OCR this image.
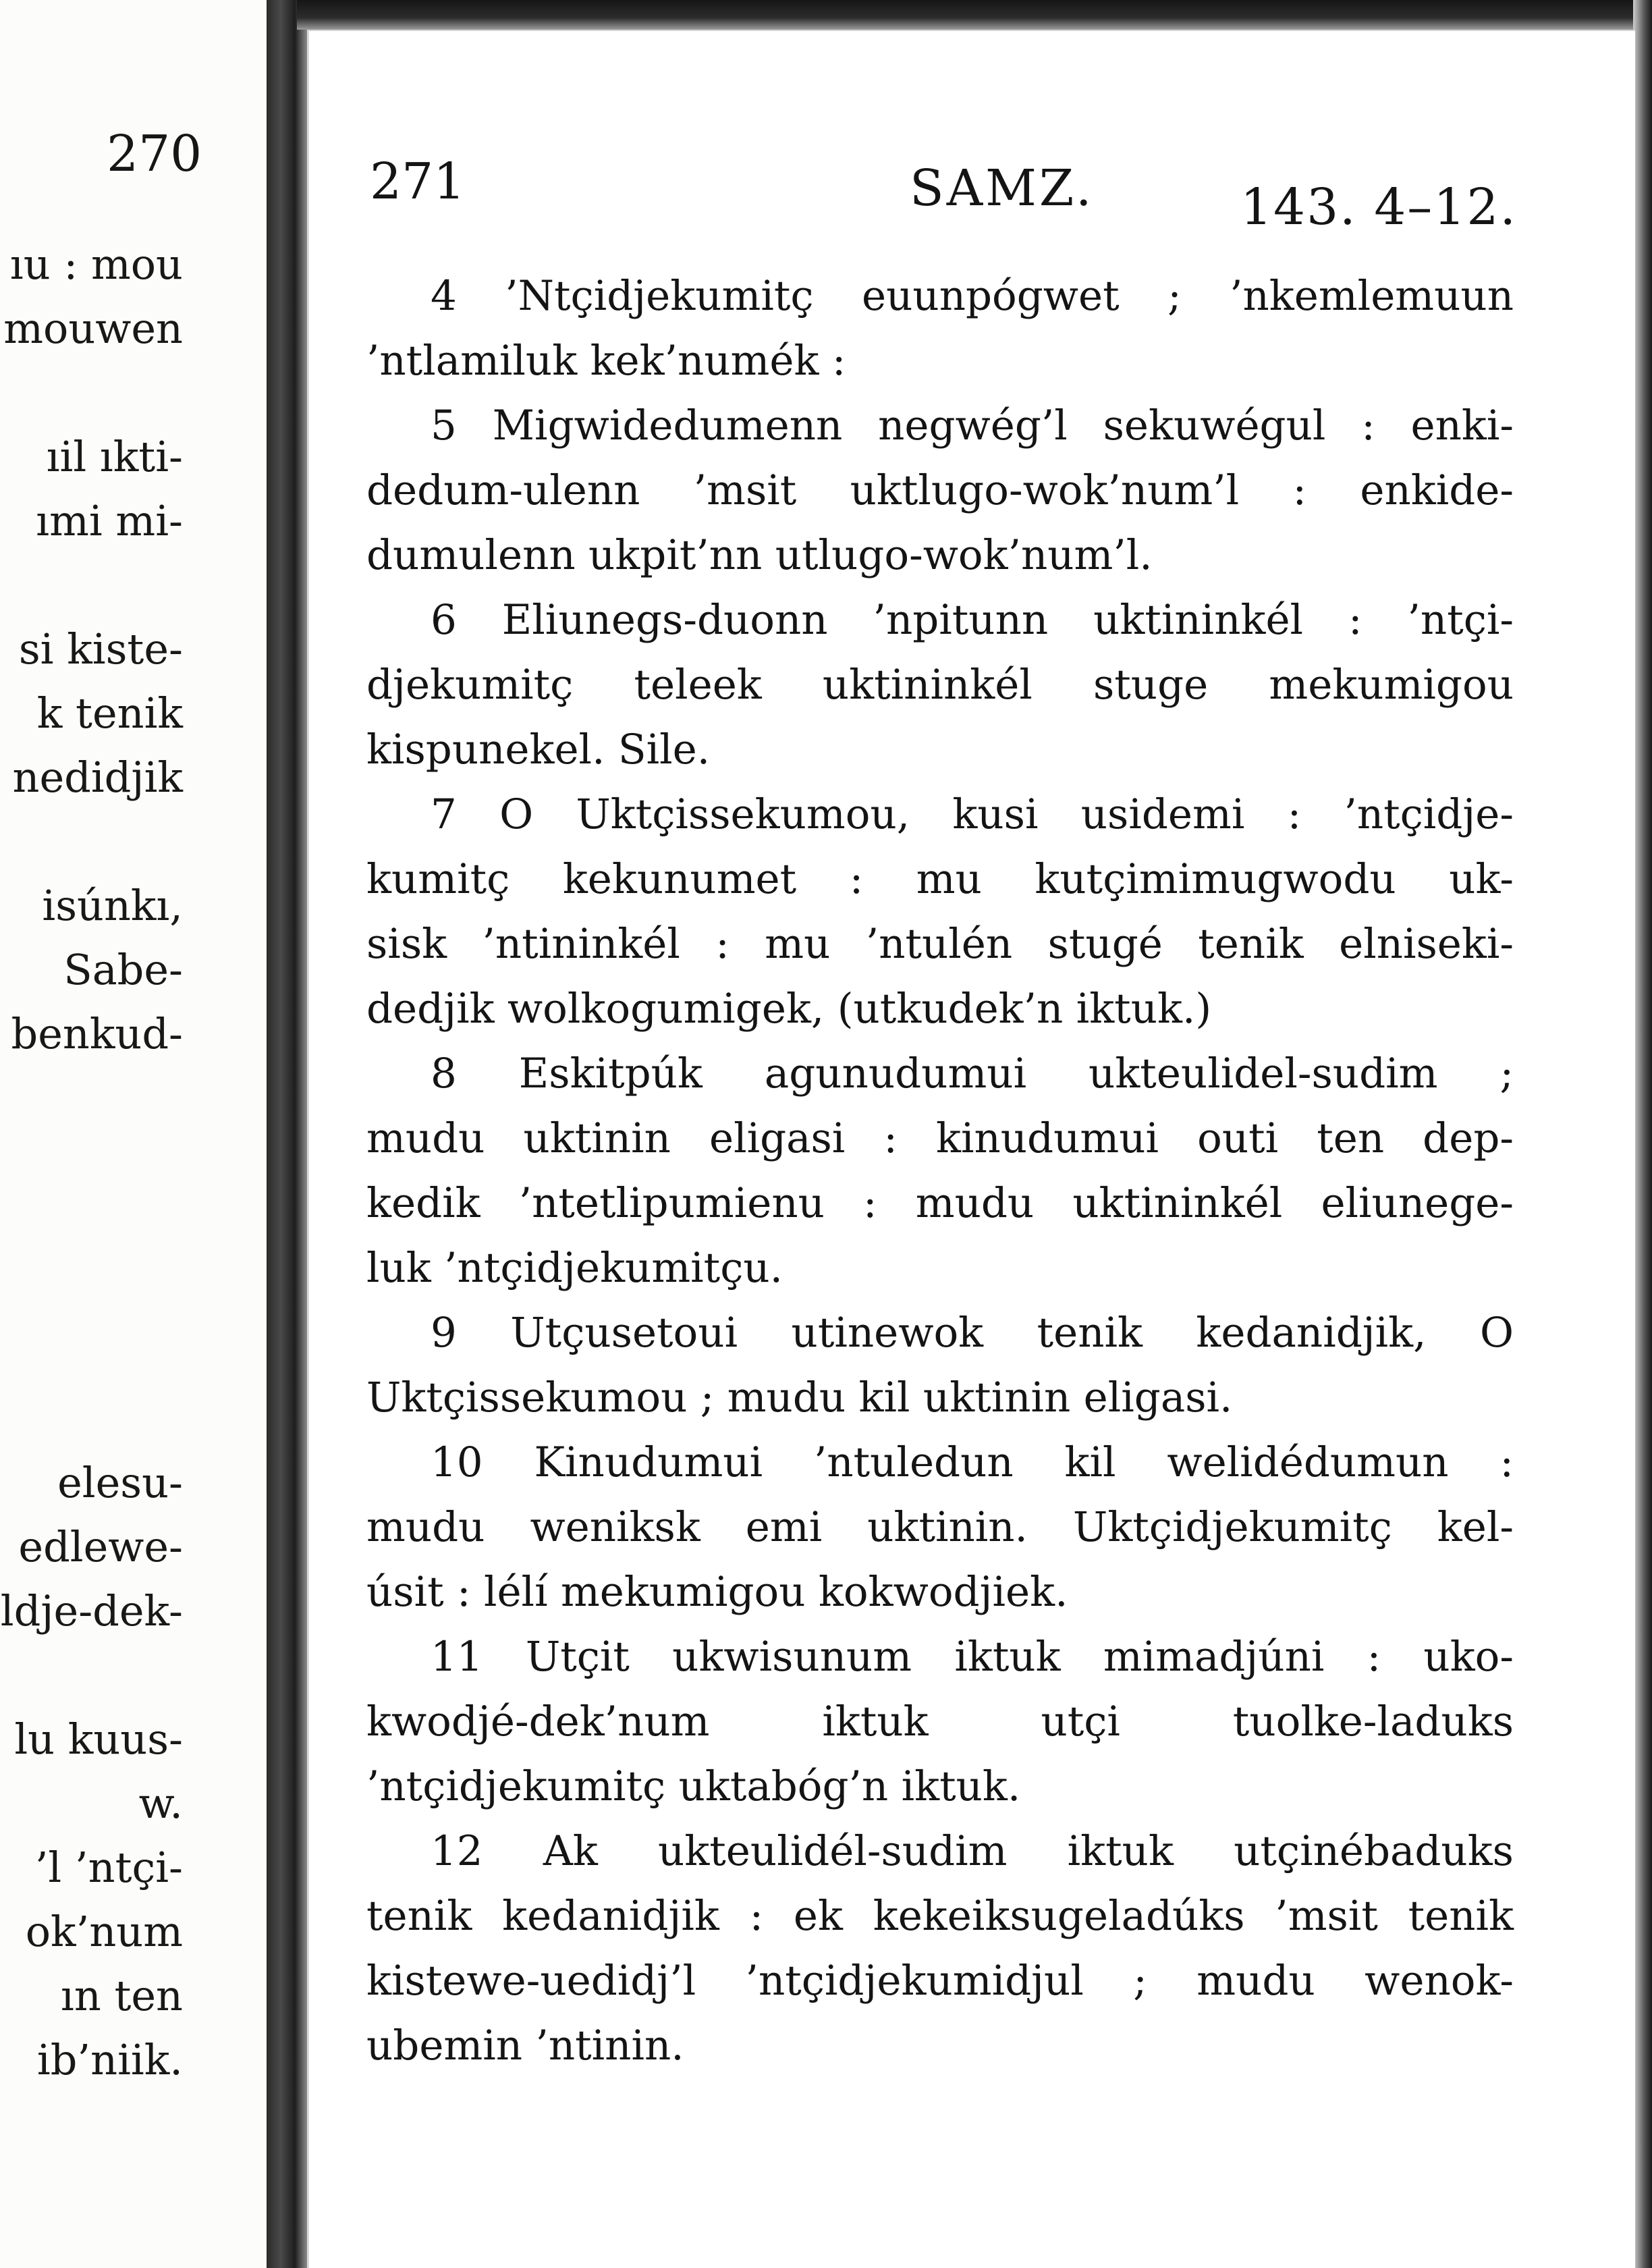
270
ıu : mou
mouwen
ıil ıkti-
ımi mi-
si kiste-
k tenik
nedidjik
isúnkı,
Sabe-
benkud-
elesu-
edlewe-
ldje-dek-
lu kuus-
w.
’l ’ntçi-
ok’num
ın ten
ib’niik.
271	SAMZ.	143. 4–12.
4 ’Ntçidjekumitç euunpógwet ; ’nkemlemuun
’ntlamiluk kek’numék :
5 Migwidedumenn negwég’l sekuwégul : enki-
dedum-ulenn ’msit uktlugo-wok’num’l : enkide-
dumulenn ukpit’nn utlugo-wok’num’l.
6 Eliunegs-duonn ’npitunn uktininkél : ’ntçi-
djekumitç teleek uktininkél stuge mekumigou
kispunekel. Sile.
7 O Uktçissekumou, kusi usidemi : ’ntçidje-
kumitç kekunumet : mu kutçimimugwodu uk-
sisk ’ntininkél : mu ’ntulén stugé tenik elniseki-
dedjik wolkogumigek, (utkudek’n iktuk.)
8 Eskitpúk agunudumui ukteulidel-sudim ;
mudu uktinin eligasi : kinudumui outi ten dep-
kedik ’ntetlipumienu : mudu uktininkél eliunege-
luk ’ntçidjekumitçu.
9 Utçusetoui utinewok tenik kedanidjik, O
Uktçissekumou ; mudu kil uktinin eligasi.
10 Kinudumui ’ntuledun kil welidédumun :
mudu weniksk emi uktinin. Uktçidjekumitç kel-
úsit : lélí mekumigou kokwodjiek.
11 Utçit ukwisunum iktuk mimadjúni : uko-
kwodjé-dek’num iktuk utçi tuolke-laduks
’ntçidjekumitç uktabóg’n iktuk.
12 Ak ukteulidél-sudim iktuk utçinébaduks
tenik kedanidjik : ek kekeiksugeladúks ’msit tenik
kistewe-uedidj’l ’ntçidjekumidjul ; mudu wenok-
ubemin ’ntinin.
